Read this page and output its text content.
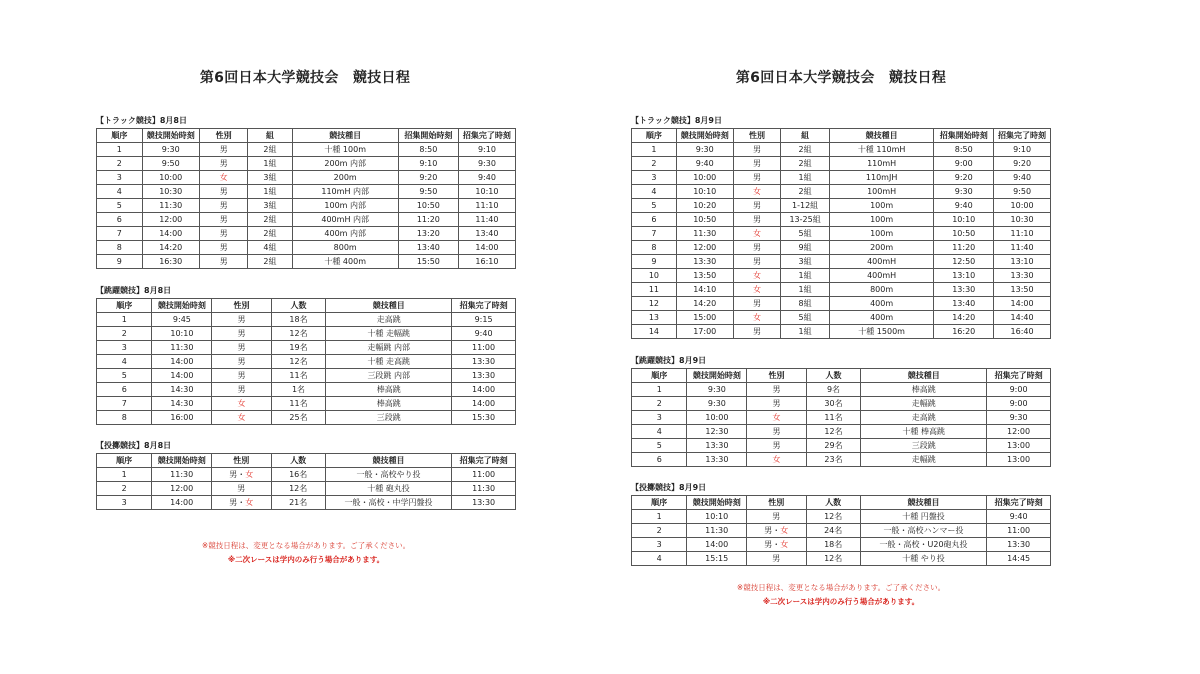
第6回日本大学競技会　競技日程
【トラック競技】8月8日
順序	競技開始時刻	性別	組	競技種目	招集開始時刻	招集完了時刻
1	9:30	男	2組	十種 100m	8:50	9:10
2	9:50	男	1組	200m 内部	9:10	9:30
3	10:00	女	3組	200m	9:20	9:40
4	10:30	男	1組	110mH 内部	9:50	10:10
5	11:30	男	3組	100m 内部	10:50	11:10
6	12:00	男	2組	400mH 内部	11:20	11:40
7	14:00	男	2組	400m 内部	13:20	13:40
8	14:20	男	4組	800m	13:40	14:00
9	16:30	男	2組	十種 400m	15:50	16:10
【跳躍競技】8月8日
順序	競技開始時刻	性別	人数	競技種目	招集完了時刻
1	9:45	男	18名	走高跳	9:15
2	10:10	男	12名	十種 走幅跳	9:40
3	11:30	男	19名	走幅跳 内部	11:00
4	14:00	男	12名	十種 走高跳	13:30
5	14:00	男	11名	三段跳 内部	13:30
6	14:30	男	1名	棒高跳	14:00
7	14:30	女	11名	棒高跳	14:00
8	16:00	女	25名	三段跳	15:30
【投擲競技】8月8日
順序	競技開始時刻	性別	人数	競技種目	招集完了時刻
1	11:30	男・女	16名	一般・高校やり投	11:00
2	12:00	男	12名	十種 砲丸投	11:30
3	14:00	男・女	21名	一般・高校・中学円盤投	13:30
※競技日程は、変更となる場合があります。ご了承ください。
※二次レースは学内のみ行う場合があります。
第6回日本大学競技会　競技日程
【トラック競技】8月9日
順序	競技開始時刻	性別	組	競技種目	招集開始時刻	招集完了時刻
1	9:30	男	2組	十種 110mH	8:50	9:10
2	9:40	男	2組	110mH	9:00	9:20
3	10:00	男	1組	110mJH	9:20	9:40
4	10:10	女	2組	100mH	9:30	9:50
5	10:20	男	1-12組	100m	9:40	10:00
6	10:50	男	13-25組	100m	10:10	10:30
7	11:30	女	5組	100m	10:50	11:10
8	12:00	男	9組	200m	11:20	11:40
9	13:30	男	3組	400mH	12:50	13:10
10	13:50	女	1組	400mH	13:10	13:30
11	14:10	女	1組	800m	13:30	13:50
12	14:20	男	8組	400m	13:40	14:00
13	15:00	女	5組	400m	14:20	14:40
14	17:00	男	1組	十種 1500m	16:20	16:40
【跳躍競技】8月9日
順序	競技開始時刻	性別	人数	競技種目	招集完了時刻
1	9:30	男	9名	棒高跳	9:00
2	9:30	男	30名	走幅跳	9:00
3	10:00	女	11名	走高跳	9:30
4	12:30	男	12名	十種 棒高跳	12:00
5	13:30	男	29名	三段跳	13:00
6	13:30	女	23名	走幅跳	13:00
【投擲競技】8月9日
順序	競技開始時刻	性別	人数	競技種目	招集完了時刻
1	10:10	男	12名	十種 円盤投	9:40
2	11:30	男・女	24名	一般・高校ハンマー投	11:00
3	14:00	男・女	18名	一般・高校・U20砲丸投	13:30
4	15:15	男	12名	十種 やり投	14:45
※競技日程は、変更となる場合があります。ご了承ください。
※二次レースは学内のみ行う場合があります。
